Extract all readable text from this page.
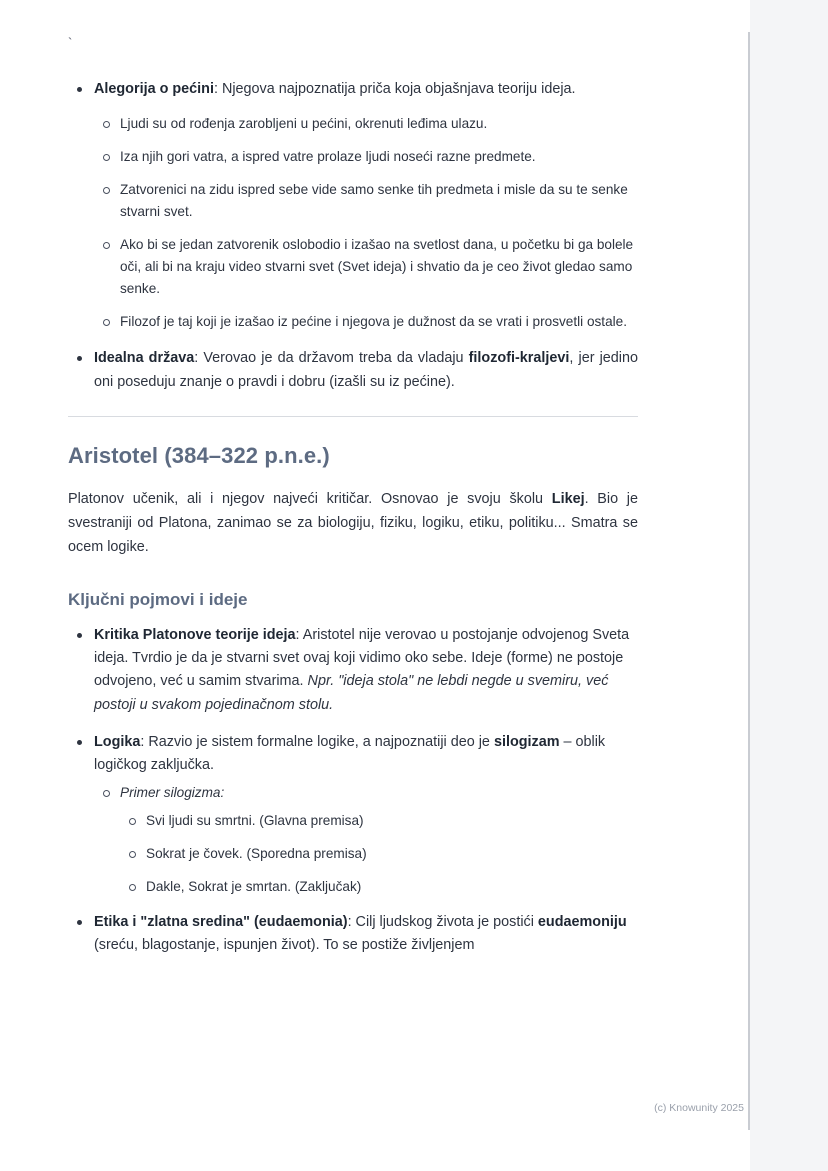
`
Alegorija o pećini: Njegova najpoznatija priča koja objašnjava teoriju ideja.
Ljudi su od rođenja zarobljeni u pećini, okrenuti leđima ulazu.
Iza njih gori vatra, a ispred vatre prolaze ljudi noseći razne predmete.
Zatvorenici na zidu ispred sebe vide samo senke tih predmeta i misle da su te senke stvarni svet.
Ako bi se jedan zatvorenik oslobodio i izašao na svetlost dana, u početku bi ga bolele oči, ali bi na kraju video stvarni svet (Svet ideja) i shvatio da je ceo život gledao samo senke.
Filozof je taj koji je izašao iz pećine i njegova je dužnost da se vrati i prosvetli ostale.
Idealna država: Verovao je da državom treba da vladaju filozofi-kraljevi, jer jedino oni poseduju znanje o pravdi i dobru (izašli su iz pećine).
Aristotel (384–322 p.n.e.)

Platonov učenik, ali i njegov najveći kritičar. Osnovao je svoju školu Likej. Bio je svestraniji od Platona, zanimao se za biologiju, fiziku, logiku, etiku, politiku... Smatra se ocem logike.

Ključni pojmovi i ideje
Kritika Platonove teorije ideja: Aristotel nije verovao u postojanje odvojenog Sveta ideja. Tvrdio je da je stvarni svet ovaj koji vidimo oko sebe. Ideje (forme) ne postoje odvojeno, već u samim stvarima. Npr. "ideja stola" ne lebdi negde u svemiru, već postoji u svakom pojedinačnom stolu.
Logika: Razvio je sistem formalne logike, a najpoznatiji deo je silogizam – oblik logičkog zaključka.
Primer silogizma:
Svi ljudi su smrtni. (Glavna premisa)
Sokrat je čovek. (Sporedna premisa)
Dakle, Sokrat je smrtan. (Zaključak)
Etika i "zlatna sredina" (eudaemonia): Cilj ljudskog života je postići eudaemoniju (sreću, blagostanje, ispunjen život). To se postiže življenjem
(c) Knowunity 2025
